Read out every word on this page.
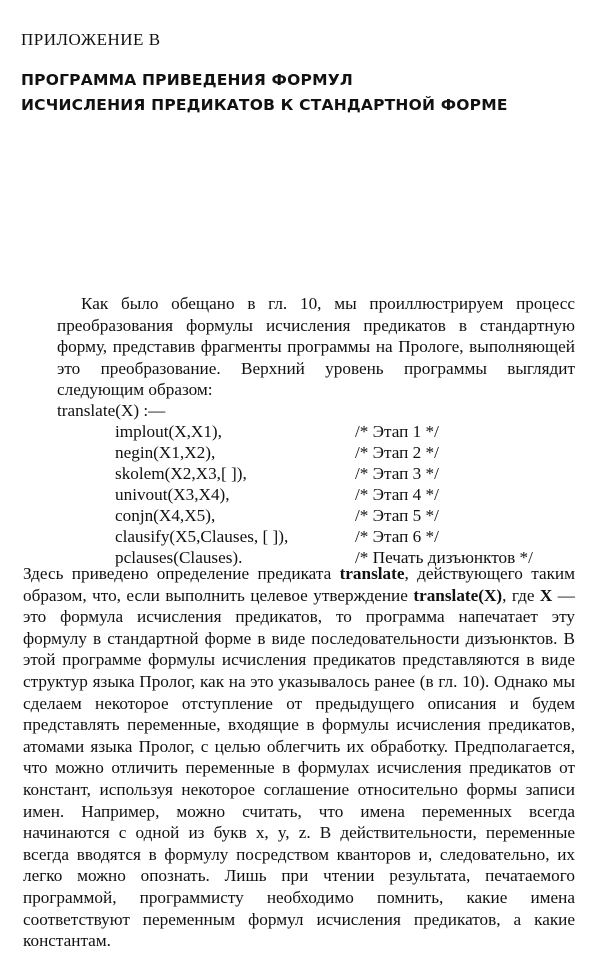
ПРИЛОЖЕНИЕ В
ПРОГРАММА ПРИВЕДЕНИЯ ФОРМУЛ
ИСЧИСЛЕНИЯ ПРЕДИКАТОВ К СТАНДАРТНОЙ ФОРМЕ

Как было обещано в гл. 10, мы проиллюстрируем процесс преобразования формулы исчисления предикатов в стандартную форму, представив фрагменты программы на Прологе, выполняющей это преобразование. Верхний уровень программы выглядит следующим образом:

translate(X) :—
implout(X,X1),	/* Этап 1 */
negin(X1,X2),	/* Этап 2 */
skolem(X2,X3,[ ]),	/* Этап 3 */
univout(X3,X4),	/* Этап 4 */
conjn(X4,X5),	/* Этап 5 */
clausify(X5,Clauses, [ ]),	/* Этап 6 */
pclauses(Clauses).	/* Печать дизъюнктов */

Здесь приведено определение предиката translate, действующего таким образом, что, если выполнить целевое утверждение translate(X), где X — это формула исчисления предикатов, то программа напечатает эту формулу в стандартной форме в виде последовательности дизъюнктов. В этой программе формулы исчисления предикатов представляются в виде структур языка Пролог, как на это указывалось ранее (в гл. 10). Однако мы сделаем некоторое отступление от предыдущего описания и будем представлять переменные, входящие в формулы исчисления предикатов, атомами языка Пролог, с целью облегчить их обработку. Предполагается, что можно отличить переменные в формулах исчисления предикатов от констант, используя некоторое соглашение относительно формы записи имен. Например, можно считать, что имена переменных всегда начинаются с одной из букв x, y, z. В действительности, переменные всегда вводятся в формулу посредством кванторов и, следовательно, их легко можно опознать. Лишь при чтении результата, печатаемого программой, программисту необходимо помнить, какие имена соответствуют переменным формул исчисления предикатов, а какие константам.
